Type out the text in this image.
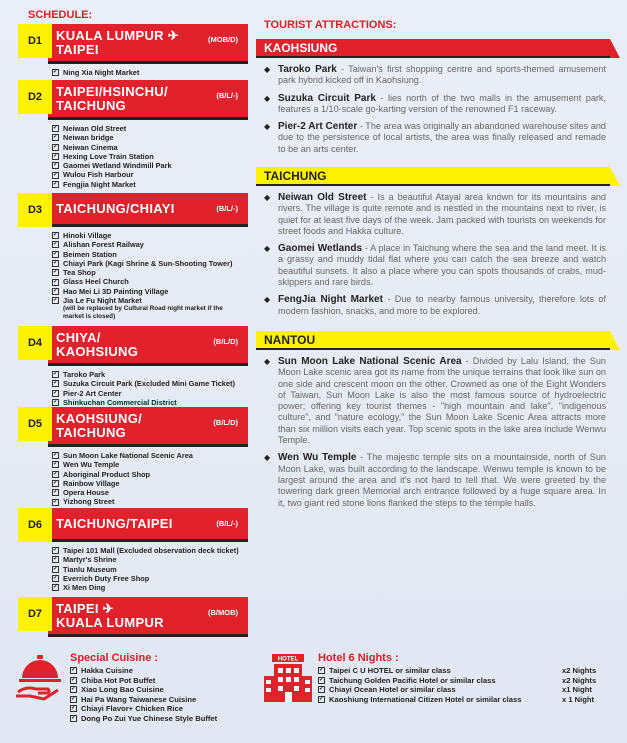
SCHEDULE:
TOURIST ATTRACTIONS:
D1	KUALA LUMPUR ✈
TAIPEI
(MOB/D)
✓ Ning Xia Night Market
D2	TAIPEI/HSINCHU/
TAICHUNG
(B/L/-)
✓ Neiwan Old Street
✓ Neiwan bridge
✓ Neiwan Cinema
✓ Hexing Love Train Station
✓ Gaomei Wetland Windmill Park
✓ Wulou Fish Harbour
✓ Fengjia Night Market
D3	TAICHUNG/CHIAYI	(B/L/-)
✓ Hinoki Village
✓ Alishan Forest Railway
✓ Beimen Station
✓ Chiayi Park (Kagi Shrine & Sun-Shooting Tower)
✓ Tea Shop
✓ Glass Heel Church
✓ Hao Mei Li 3D Painting Village
✓ Jia Le Fu Night Market
(will be replaced by Cultural Road night market if the market is closed)
D4	CHIYA/
KAOHSIUNG
(B/L/D)
✓ Taroko Park
✓ Suzuka Circuit Park (Excluded Mini Game Ticket)
✓ Pier-2 Art Center
✓ Shinkuchan Commercial District
D5	KAOHSIUNG/
TAICHUNG
(B/L/D)
✓ Sun Moon Lake National Scenic Area
✓ Wen Wu Temple
✓ Aboriginal Product Shop
✓ Rainbow Village
✓ Opera House
✓ Yizhong Street
D6	TAICHUNG/TAIPEI	(B/L/-)
✓ Taipei 101 Mall (Excluded observation deck ticket)
✓ Martyr's Shrine
✓ Tianlu Museum
✓ Everrich Duty Free Shop
✓ Xi Men Ding
D7	TAIPEI ✈
KUALA LUMPUR
(B/MOB)
KAOHSIUNG
◆ Taroko Park - Taiwan's first shopping centre and sports-themed amusement park hybrid kicked off in Kaohsiung.
◆ Suzuka Circuit Park - lies north of the two malls in the amusement park, features a 1/10-scale go-karting version of the renowned F1 raceway.
◆ Pier-2 Art Center - The area was originally an abandoned warehouse sites and due to the persistence of local artists, the area was finally released and remade to be an arts center.
TAICHUNG
◆ Neiwan Old Street - Is a beautiful Atayal area known for its mountains and rivers. The village is quite remote and is nestled in the mountains next to river, is quiet for at least five days of the week. Jam packed with tourists on weekends for street foods and Hakka culture.
◆ Gaomei Wetlands - A place in Taichung where the sea and the land meet. It is a grassy and muddy tidal flat where you can catch the sea breeze and watch beautiful sunsets. It also a place where you can spots thousands of crabs, mud-skippers and rare birds.
◆ FengJia Night Market - Due to nearby famous university, therefore lots of modern fashion, snacks, and more to be explored.
NANTOU
◆ Sun Moon Lake National Scenic Area - Divided by Lalu Island, the Sun Moon Lake scenic area got its name from the unique terrains that look like sun on one side and crescent moon on the other. Crowned as one of the Eight Wonders of Taiwan, Sun Moon Lake is also the most famous source of hydroelectric power; offering key tourist themes - "high mountain and lake", "indigenous culture", and "nature ecology," the Sun Moon Lake Scenic Area attracts more than six million visits each year. Top scenic spots in the lake area include Wenwu Temple.
◆ Wen Wu Temple - The majestic temple sits on a mountainside, north of Sun Moon Lake, was built according to the landscape. Wenwu temple is known to be largest around the area and it's not hard to tell that. We were greeted by the towering dark green Memorial arch entrance followed by a huge square area. In it, two giant red stone lions flanked the steps to the temple halls.
Special Cuisine :
✓ Hakka Cuisine
✓ Chiba Hot Pot Buffet
✓ Xiao Long Bao Cuisine
✓ Hai Pa Wang Taiwanese Cuisine
✓ Chiayi Flavor+ Chicken Rice
✓ Dong Po Zui Yue Chinese Style Buffet
HOTEL Hotel 6 Nights :
✓ Taipei C U HOTEL or similar class	x2 Nights
✓ Taichung Golden Pacific Hotel or similar class	x2 Nights
✓ Chiayi Ocean Hotel or similar class	x1 Night
✓ Kaoshiung International Citizen Hotel or similar class	x 1 Night
